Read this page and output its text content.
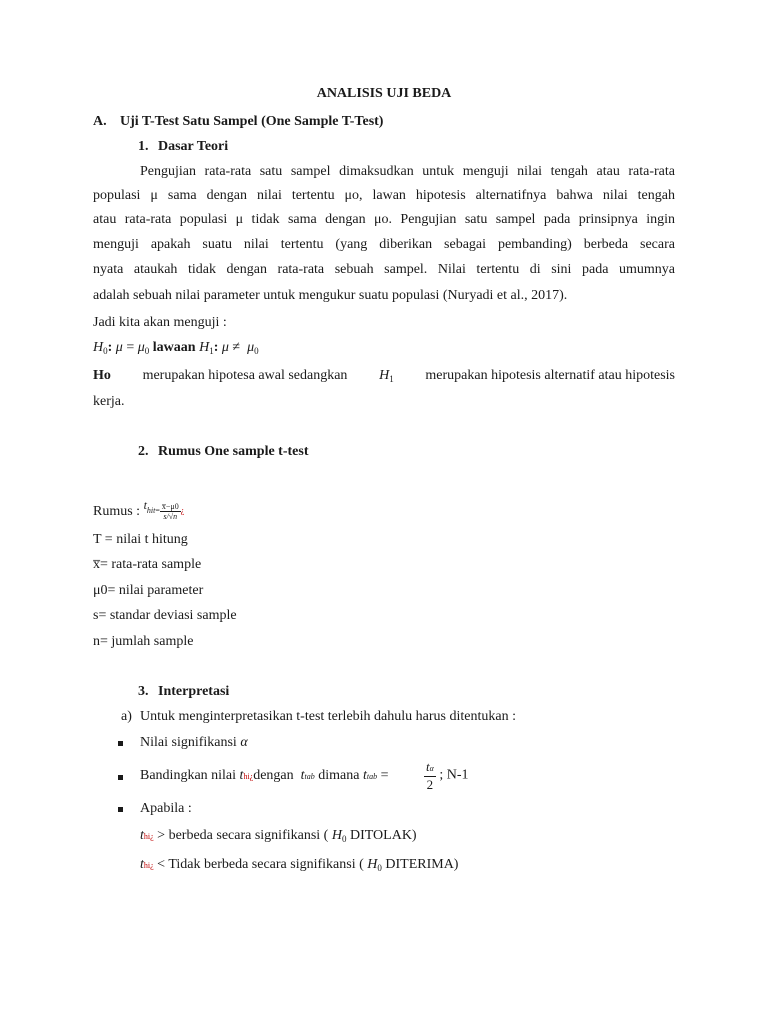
ANALISIS UJI BEDA
A. Uji T-Test Satu Sampel (One Sample T-Test)
1. Dasar Teori
Pengujian rata-rata satu sampel dimaksudkan untuk menguji nilai tengah atau rata-rata
populasi μ sama dengan nilai tertentu μo, lawan hipotesis alternatifnya bahwa nilai tengah
atau rata-rata populasi μ tidak sama dengan μo. Pengujian satu sampel pada prinsipnya ingin
menguji apakah suatu nilai tertentu (yang diberikan sebagai pembanding) berbeda secara
nyata ataukah tidak dengan rata-rata sebuah sampel. Nilai tertentu di sini pada umumnya
adalah sebuah nilai parameter untuk mengukur suatu populasi (Nuryadi et al., 2017).
Jadi kita akan menguji :
$H_0$: $\mu = \mu_0$ lawaan $H_1$: $\mu \ne \mu_0$
Ho merupakan hipotesa awal sedangkan $H_1$ merupakan hipotesis alternatif atau hipotesis
kerja.
2. Rumus One sample t-test
Rumus : thit= $\frac{x̅-\mu 0}{s/√n}$ ¿
T = nilai t hitung
x̅= rata-rata sample
μ0= nilai parameter
s= standar deviasi sample
n= jumlah sample
3. Interpretasi
a) Untuk menginterpretasikan t-test terlebih dahulu harus ditentukan :
Nilai signifikansi α
Bandingkan nilai thi¿dengan ttab dimana ttab =	$\frac{t\alpha}{2}$ ; N-1
Apabila :
thi¿ > berbeda secara signifikansi ( $H_0$ DITOLAK)
thi¿ < Tidak berbeda secara signifikansi ( $H_0$ DITERIMA)
